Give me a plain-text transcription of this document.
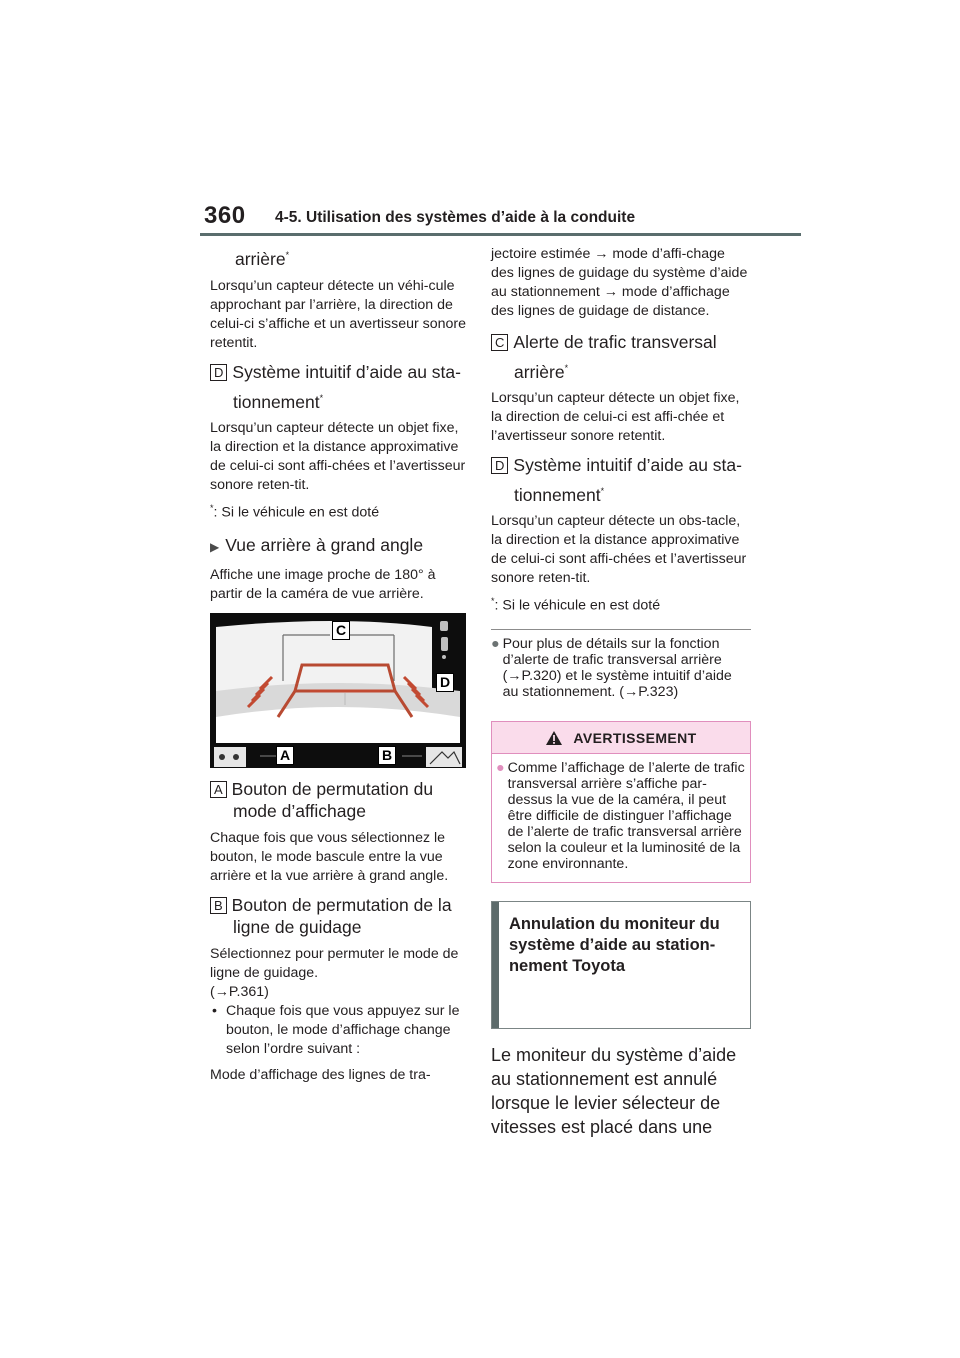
360 4-5. Utilisation des systèmes d’aide à la conduite
arrière*

Lorsqu’un capteur détecte un véhi-cule approchant par l’arrière, la direction de celui-ci s’affiche et un avertisseur sonore retentit.

D Système intuitif d’aide au sta-
tionnement*

Lorsqu’un capteur détecte un objet fixe, la direction et la distance approximative de celui-ci sont affi-chées et l’avertisseur sonore reten-tit.

*: Si le véhicule en est doté

▶ Vue arrière à grand angle

Affiche une image proche de 180° à partir de la caméra de vue arrière.

C
D
A	B
A Bouton de permutation du
mode d’affichage

Chaque fois que vous sélectionnez le bouton, le mode bascule entre la vue arrière et la vue arrière à grand angle.

B Bouton de permutation de la
ligne de guidage

Sélectionnez pour permuter le mode de ligne de guidage.

(→P.361)

• Chaque fois que vous appuyez sur le bouton, le mode d’affichage change selon l’ordre suivant :

Mode d’affichage des lignes de tra-

jectoire estimée → mode d’affi-chage des lignes de guidage du système d’aide au stationnement → mode d’affichage des lignes de guidage de distance.

C Alerte de trafic transversal
arrière*

Lorsqu’un capteur détecte un objet fixe, la direction de celui-ci est affi-chée et l’avertisseur sonore retentit.

D Système intuitif d’aide au sta-
tionnement*

Lorsqu’un capteur détecte un obs-tacle, la direction et la distance approximative de celui-ci sont affi-chées et l’avertisseur sonore reten-tit.

*: Si le véhicule en est doté

● Pour plus de détails sur la fonction d’alerte de trafic transversal arrière (→P.320) et le système intuitif d’aide au stationnement. (→P.323)
AVERTISSEMENT
● Comme l’affichage de l’alerte de trafic transversal arrière s’affiche par-dessus la vue de la caméra, il peut être difficile de distinguer l’affichage de l’alerte de trafic transversal arrière selon la couleur et la luminosité de la zone environnante.
Annulation du moniteur du système d’aide au station-nement Toyota

Le moniteur du système d’aide au stationnement est annulé lorsque le levier sélecteur de vitesses est placé dans une
